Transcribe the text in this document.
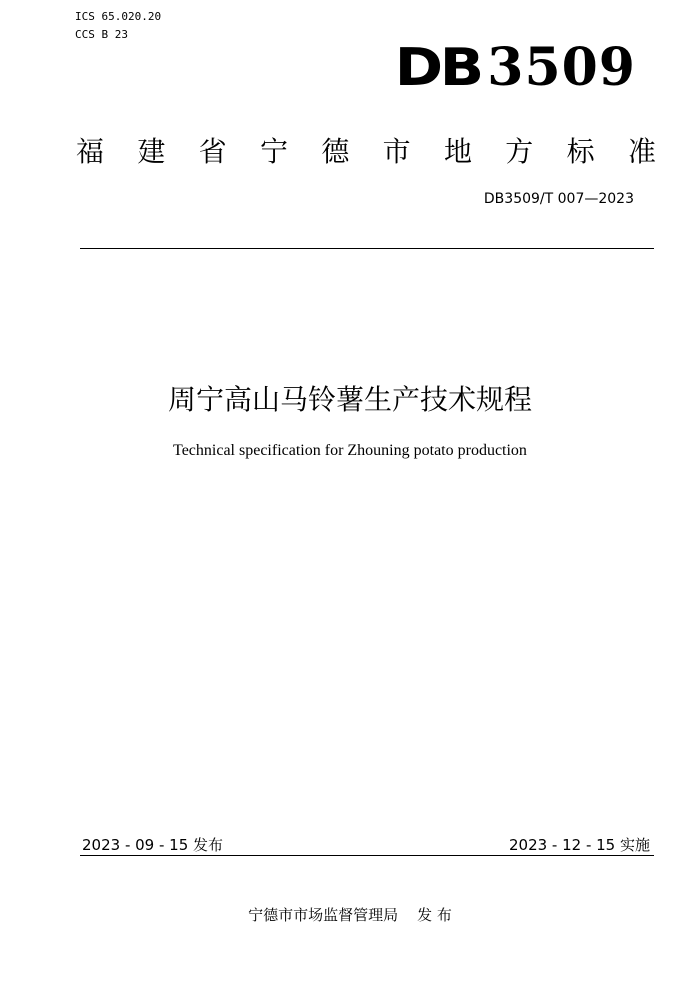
ICS 65.020.20
CCS B 23
DB 3509
福 建 省 宁 德 市 地 方 标 准
DB3509/T 007—2023
周宁高山马铃薯生产技术规程
Technical specification for Zhouning potato production
2023 - 09 - 15 发布	2023 - 12 - 15 实施
宁德市市场监督管理局    发 布
